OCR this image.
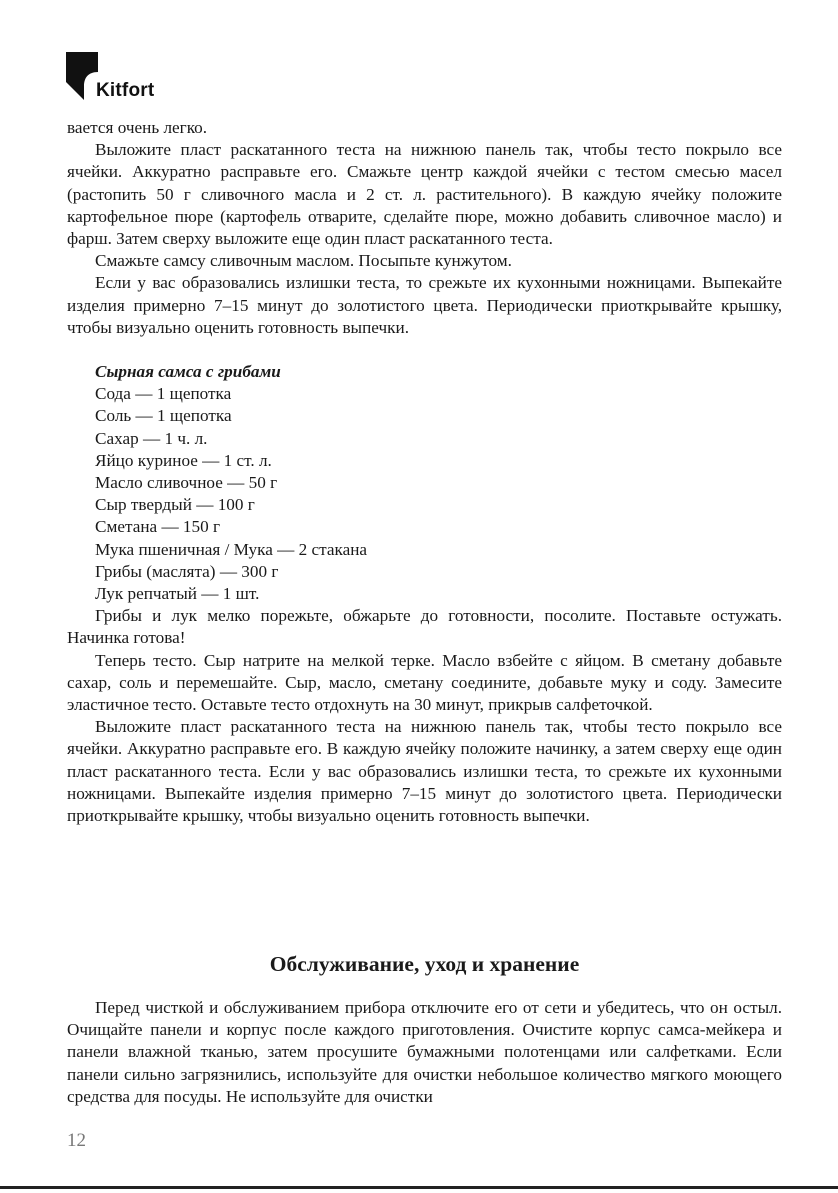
Kitfort

вается очень легко.

Выложите пласт раскатанного теста на нижнюю панель так, чтобы тесто покрыло все ячейки. Аккуратно расправьте его. Смажьте центр каждой ячейки с тестом смесью масел (растопить 50 г сливочного масла и 2 ст. л. растительного). В каждую ячейку положите картофельное пюре (картофель отварите, сделайте пюре, можно добавить сливочное масло) и фарш. Затем сверху выложите еще один пласт раскатанного теста.

Смажьте самсу сливочным маслом. Посыпьте кунжутом.

Если у вас образовались излишки теста, то срежьте их кухонными ножницами. Выпекайте изделия примерно 7–15 минут до золотистого цвета. Периодически приоткрывайте крышку, чтобы визуально оценить готовность выпечки.

Сырная самса с грибами
Сода — 1 щепотка
Соль — 1 щепотка
Сахар — 1 ч. л.
Яйцо куриное — 1 ст. л.
Масло сливочное — 50 г
Сыр твердый — 100 г
Сметана — 150 г
Мука пшеничная / Мука — 2 стакана
Грибы (маслята) — 300 г
Лук репчатый — 1 шт.

Грибы и лук мелко порежьте, обжарьте до готовности, посолите. Поставьте остужать. Начинка готова!

Теперь тесто. Сыр натрите на мелкой терке. Масло взбейте с яйцом. В сметану добавьте сахар, соль и перемешайте. Сыр, масло, сметану соедините, добавьте муку и соду. Замесите эластичное тесто. Оставьте тесто отдохнуть на 30 минут, прикрыв салфеточкой.

Выложите пласт раскатанного теста на нижнюю панель так, чтобы тесто покрыло все ячейки. Аккуратно расправьте его. В каждую ячейку положите начинку, а затем сверху еще один пласт раскатанного теста. Если у вас образовались излишки теста, то срежьте их кухонными ножницами. Выпекайте изделия примерно 7–15 минут до золотистого цвета. Периодически приоткрывайте крышку, чтобы визуально оценить готовность выпечки.

Обслуживание, уход и хранение

Перед чисткой и обслуживанием прибора отключите его от сети и убедитесь, что он остыл. Очищайте панели и корпус после каждого приготовления. Очистите корпус самса-мейкера и панели влажной тканью, затем просушите бумажными полотенцами или салфетками. Если панели сильно загрязнились, используйте для очистки небольшое количество мягкого моющего средства для посуды. Не используйте для очистки

12
